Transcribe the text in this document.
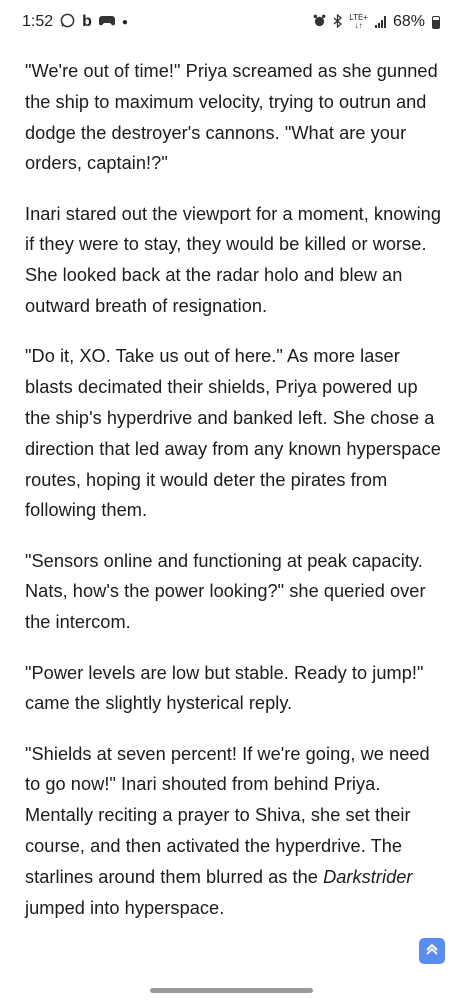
1:52 b	●	LTE+
↓↑	68%

"We're out of time!" Priya screamed as she gunned the ship to maximum velocity, trying to outrun and dodge the destroyer's cannons. "What are your orders, captain!?"

Inari stared out the viewport for a moment, knowing if they were to stay, they would be killed or worse. She looked back at the radar holo and blew an outward breath of resignation.

"Do it, XO. Take us out of here." As more laser blasts decimated their shields, Priya powered up the ship's hyperdrive and banked left. She chose a direction that led away from any known hyperspace routes, hoping it would deter the pirates from following them.

"Sensors online and functioning at peak capacity. Nats, how's the power looking?" she queried over the intercom.

"Power levels are low but stable. Ready to jump!" came the slightly hysterical reply.

"Shields at seven percent! If we're going, we need to go now!" Inari shouted from behind Priya. Mentally reciting a prayer to Shiva, she set their course, and then activated the hyperdrive. The starlines around them blurred as the Darkstrider jumped into hyperspace.
